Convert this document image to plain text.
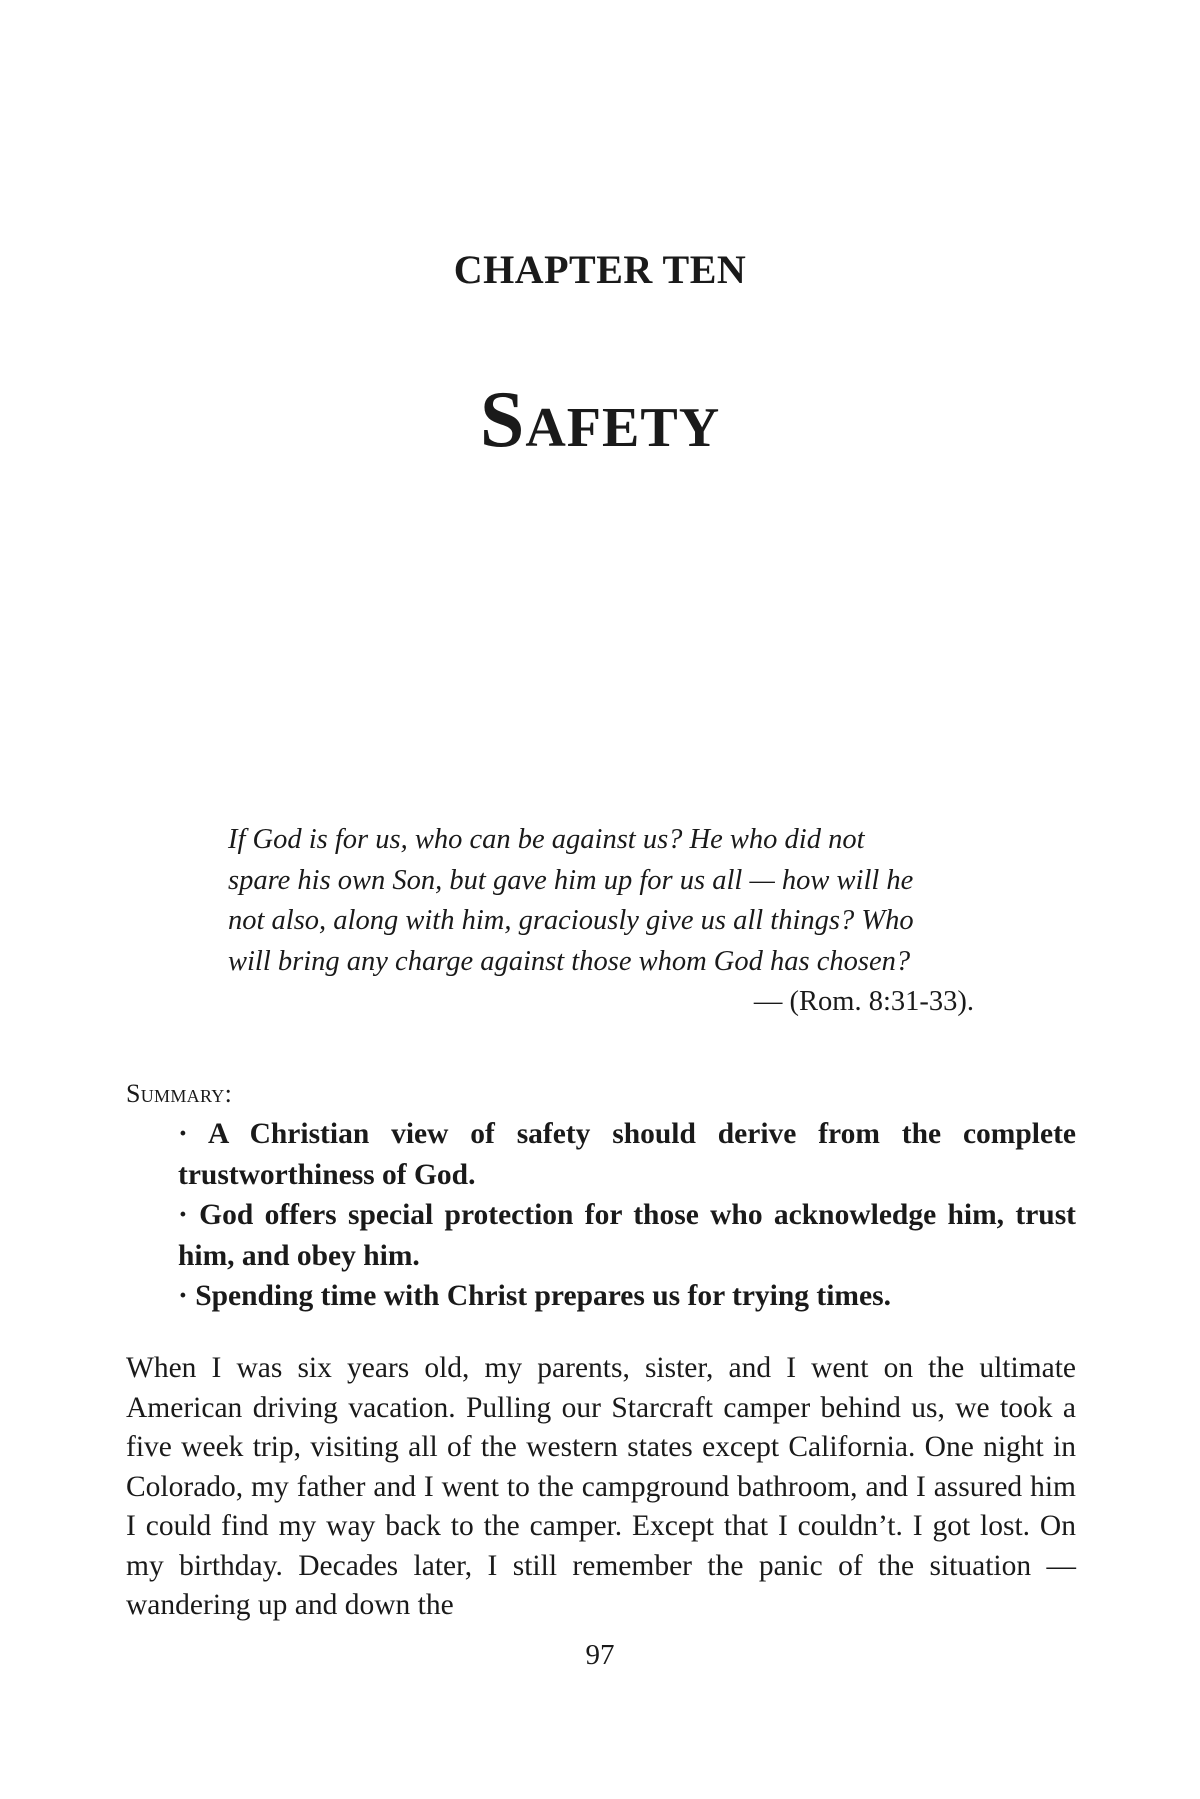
CHAPTER TEN
Safety
If God is for us, who can be against us? He who did not
spare his own Son, but gave him up for us all — how will he
not also, along with him, graciously give us all things? Who
will bring any charge against those whom God has chosen?
— (Rom. 8:31-33).
Summary:
· A Christian view of safety should derive from the complete trustworthiness of God.
· God offers special protection for those who acknowledge him, trust him, and obey him.
· Spending time with Christ prepares us for trying times.

When I was six years old, my parents, sister, and I went on the ultimate American driving vacation. Pulling our Starcraft camper behind us, we took a five week trip, visiting all of the western states except California. One night in Colorado, my father and I went to the campground bathroom, and I assured him I could find my way back to the camper. Except that I couldn’t. I got lost. On my birthday. Decades later, I still remember the panic of the situation — wandering up and down the

97
